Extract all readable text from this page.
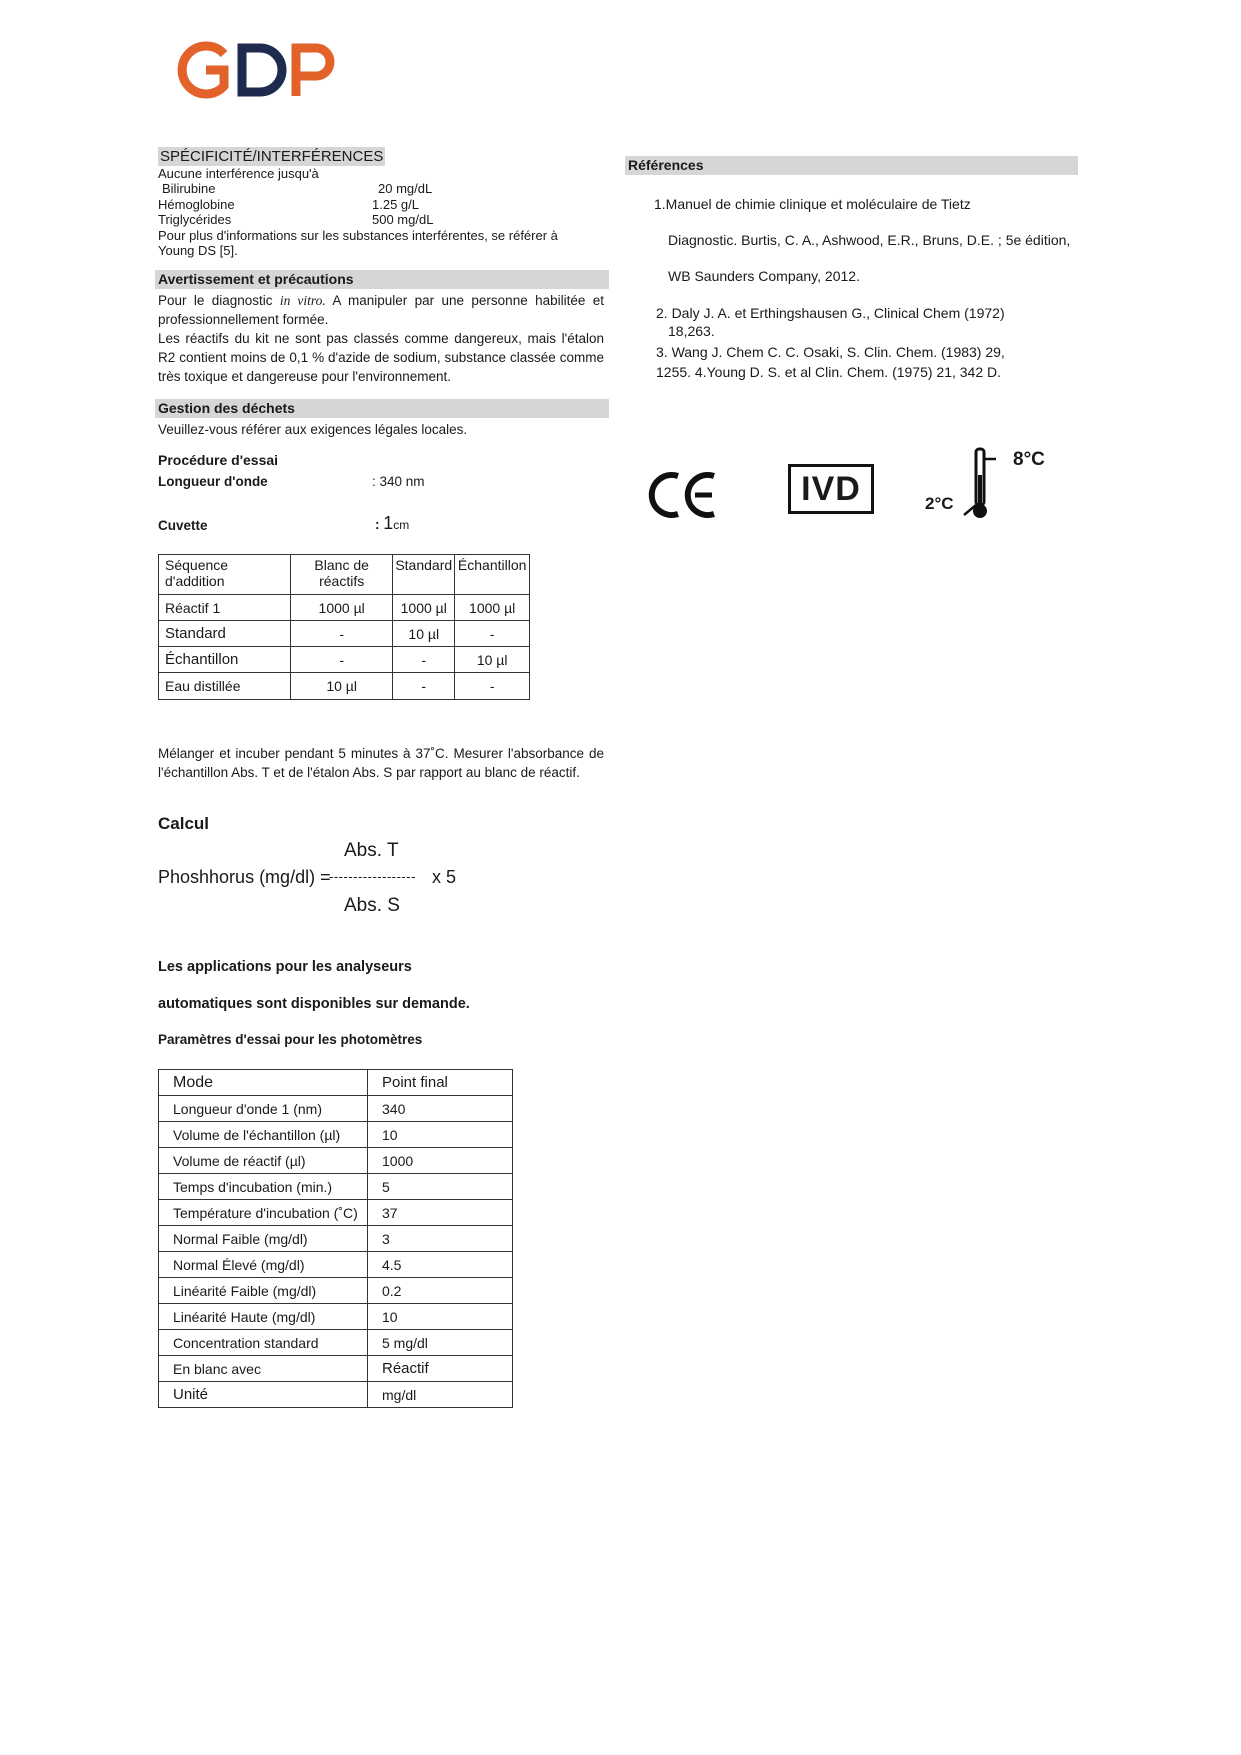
SPÉCIFICITÉ/INTERFÉRENCES
Aucune interférence jusqu'à
Bilirubine	20 mg/dL
Hémoglobine	1.25 g/L
Triglycérides	500 mg/dL
Pour plus d'informations sur les substances interférentes, se référer à
Young DS [5].
Avertissement et précautions
Pour le diagnostic in vitro. A manipuler par une personne habilitée et professionnellement formée.
Les réactifs du kit ne sont pas classés comme dangereux, mais l'étalon R2 contient moins de 0,1 % d'azide de sodium, substance classée comme très toxique et dangereuse pour l'environnement.
Gestion des déchets
Veuillez-vous référer aux exigences légales locales.
Procédure d'essai
Longueur d'onde	: 340 nm
Cuvette	: 1cm
Séquence d'addition	Blanc de réactifs	Standard	Échantillon
Réactif 1	1000 µl	1000 µl	1000 µl
Standard	-	10 µl	-
Échantillon	-	-	10 µl
Eau distillée	10 µl	-	-
Mélanger et incuber pendant 5 minutes à 37˚C. Mesurer l'absorbance de l'échantillon Abs. T et de l'étalon Abs. S par rapport au blanc de réactif.
Calcul
Abs. T
Phoshhorus (mg/dl) =
------------------ x 5
Abs. S
Les applications pour les analyseurs
automatiques sont disponibles sur demande.
Paramètres d'essai pour les photomètres
Mode	Point final
Longueur d'onde 1 (nm)	340
Volume de l'échantillon (µl)	10
Volume de réactif (µl)	1000
Temps d'incubation (min.)	5
Température d'incubation (˚C)	37
Normal Faible (mg/dl)	3
Normal Élevé (mg/dl)	4.5
Linéarité Faible (mg/dl)	0.2
Linéarité Haute (mg/dl)	10
Concentration standard	5 mg/dl
En blanc avec	Réactif
Unité	mg/dl
Références
1.Manuel de chimie clinique et moléculaire de Tietz
Diagnostic. Burtis, C. A., Ashwood, E.R., Bruns, D.E. ; 5e édition,
WB Saunders Company, 2012.
2. Daly J. A. et Erthingshausen G., Clinical Chem (1972)
18,263.
3. Wang J. Chem C. C. Osaki, S. Clin. Chem. (1983) 29,
1255. 4.Young D. S. et al Clin. Chem. (1975) 21, 342 D.
IVD
8°C
2°C
